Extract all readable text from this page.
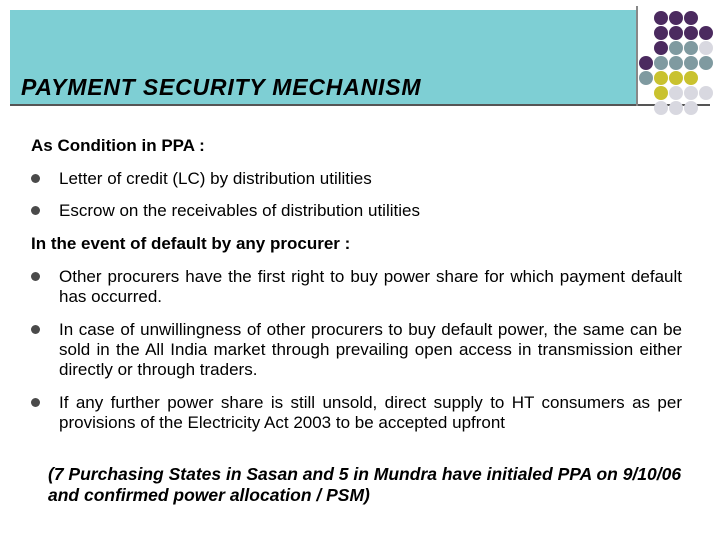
PAYMENT SECURITY MECHANISM
As Condition in PPA :
Letter of credit (LC) by distribution utilities
Escrow on the receivables of distribution utilities
In the event of default by any procurer :
Other procurers have the first right to buy power share for which payment default has occurred.
In case of unwillingness of other procurers to buy default power, the same can be sold in the All India market through prevailing open access in transmission either directly or through traders.
If any further power share is still unsold, direct supply to HT consumers as per provisions of the Electricity Act 2003 to be accepted upfront
(7 Purchasing States in Sasan and 5 in Mundra have initialed PPA on 9/10/06 and confirmed power allocation / PSM)
